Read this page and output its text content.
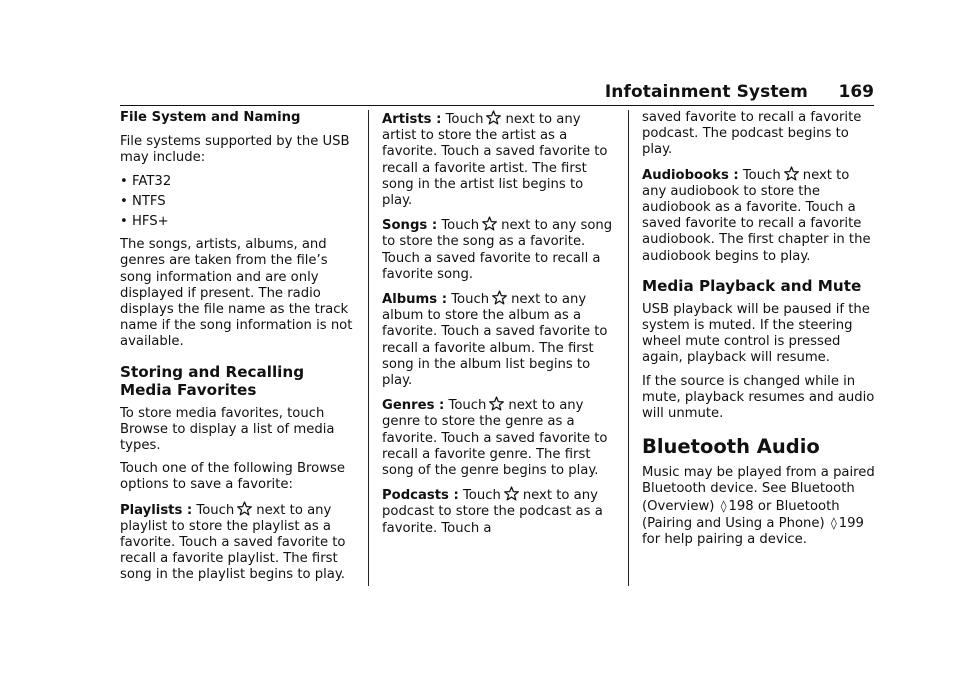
Infotainment System 169
File System and Naming

File systems supported by the USB may include:

• FAT32
• NTFS
• HFS+

The songs, artists, albums, and genres are taken from the file’s song information and are only displayed if present. The radio displays the file name as the track name if the song information is not available.

Storing and Recalling Media Favorites

To store media favorites, touch Browse to display a list of media types.

Touch one of the following Browse options to save a favorite:

Playlists : Touch next to any playlist to store the playlist as a favorite. Touch a saved favorite to recall a favorite playlist. The first song in the playlist begins to play.

Artists : Touch next to any artist to store the artist as a favorite. Touch a saved favorite to recall a favorite artist. The first song in the artist list begins to play.

Songs : Touch next to any song to store the song as a favorite. Touch a saved favorite to recall a favorite song.

Albums : Touch next to any album to store the album as a favorite. Touch a saved favorite to recall a favorite album. The first song in the album list begins to play.

Genres : Touch next to any genre to store the genre as a favorite. Touch a saved favorite to recall a favorite genre. The first song of the genre begins to play.

Podcasts : Touch next to any podcast to store the podcast as a favorite. Touch a

saved favorite to recall a favorite podcast. The podcast begins to play.

Audiobooks : Touch next to any audiobook to store the audiobook as a favorite. Touch a saved favorite to recall a favorite audiobook. The first chapter in the audiobook begins to play.

Media Playback and Mute

USB playback will be paused if the system is muted. If the steering wheel mute control is pressed again, playback will resume.

If the source is changed while in mute, playback resumes and audio will unmute.

Bluetooth Audio

Music may be played from a paired Bluetooth device. See Bluetooth (Overview) ◊ 198 or Bluetooth (Pairing and Using a Phone) ◊ 199 for help pairing a device.
